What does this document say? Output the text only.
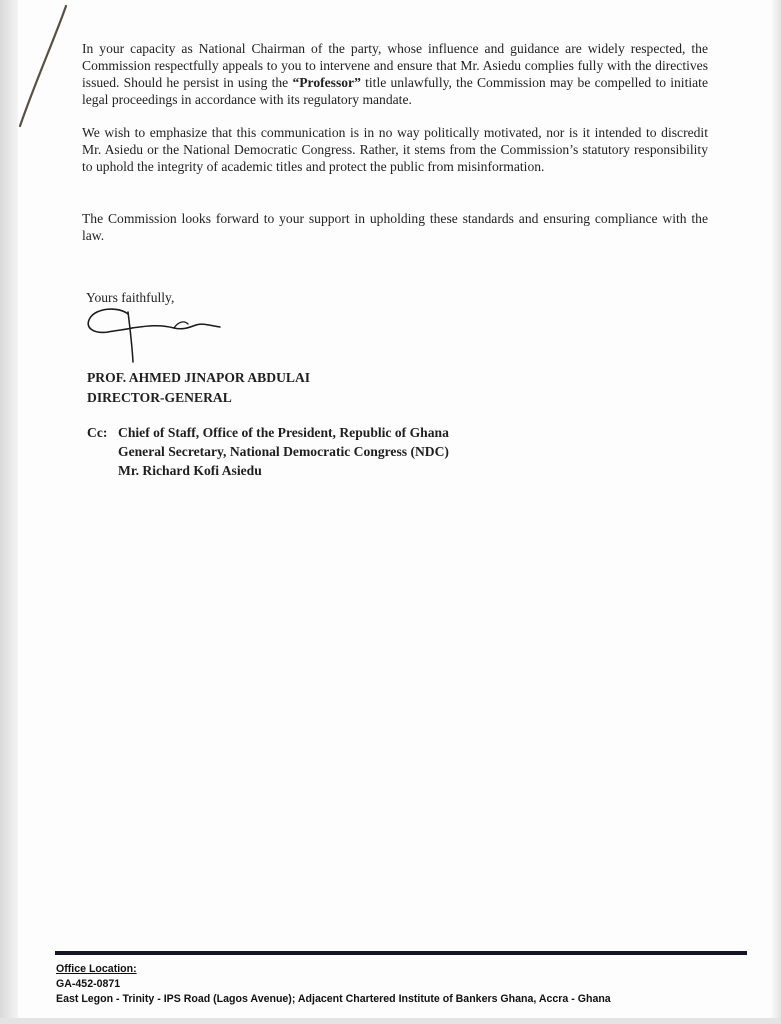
In your capacity as National Chairman of the party, whose influence and guidance are widely respected, the Commission respectfully appeals to you to intervene and ensure that Mr. Asiedu complies fully with the directives issued. Should he persist in using the “Professor” title unlawfully, the Commission may be compelled to initiate legal proceedings in accordance with its regulatory mandate.

We wish to emphasize that this communication is in no way politically motivated, nor is it intended to discredit Mr. Asiedu or the National Democratic Congress. Rather, it stems from the Commission’s statutory responsibility to uphold the integrity of academic titles and protect the public from misinformation.

The Commission looks forward to your support in upholding these standards and ensuring compliance with the law.

Yours faithfully,
PROF. AHMED JINAPOR ABDULAI
DIRECTOR-GENERAL
Cc: Chief of Staff, Office of the President, Republic of Ghana
General Secretary, National Democratic Congress (NDC)
Mr. Richard Kofi Asiedu
Office Location:
GA-452-0871
East Legon - Trinity - IPS Road (Lagos Avenue); Adjacent Chartered Institute of Bankers Ghana, Accra - Ghana
